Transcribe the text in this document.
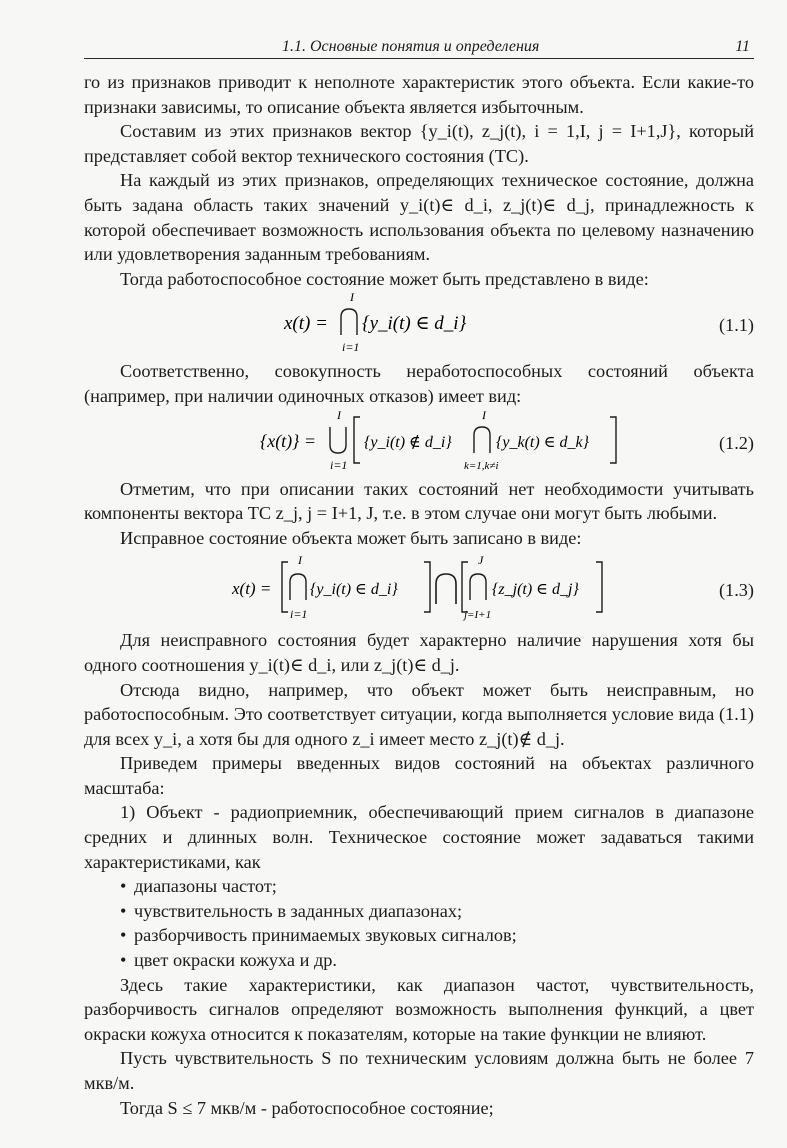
1.1. Основные понятия и определения	11

го из признаков приводит к неполноте характеристик этого объекта. Если какие-то признаки зависимы, то описание объекта является избыточным.

Составим из этих признаков вектор {y_i(t), z_j(t), i = 1,I, j = I+1,J}, который представляет собой вектор технического состояния (ТС).

На каждый из этих признаков, определяющих техническое состояние, должна быть задана область таких значений y_i(t)∈ d_i, z_j(t)∈ d_j, принадлежность к которой обеспечивает возможность использования объекта по целевому назначению или удовлетворения заданным требованиям.

Тогда работоспособное состояние может быть представлено в виде:

x(t) =
I
i=1
{y_i(t) ∈ d_i}	(1.1)

Соответственно, совокупность неработоспособных состояний объекта (например, при наличии одиночных отказов) имеет вид:

{x(t)} =
I
i=1
{y_i(t) ∉ d_i}
I
k=1,k≠i
{y_k(t) ∈ d_k}	(1.2)

Отметим, что при описании таких состояний нет необходимости учитывать компоненты вектора ТС z_j, j = I+1, J, т.е. в этом случае они могут быть любыми.

Исправное состояние объекта может быть записано в виде:

x(t) =
I
i=1
{y_i(t) ∈ d_i}
J
j=I+1
{z_j(t) ∈ d_j}	(1.3)

Для неисправного состояния будет характерно наличие нарушения хотя бы одного соотношения y_i(t)∈ d_i, или z_j(t)∈ d_j.

Отсюда видно, например, что объект может быть неисправным, но работоспособным. Это соответствует ситуации, когда выполняется условие вида (1.1) для всех y_i, а хотя бы для одного z_i имеет место z_j(t)∉ d_j.

Приведем примеры введенных видов состояний на объектах различного масштаба:

1) Объект - радиоприемник, обеспечивающий прием сигналов в диапазоне средних и длинных волн. Техническое состояние может задаваться такими характеристиками, как

• диапазоны частот;
• чувствительность в заданных диапазонах;
• разборчивость принимаемых звуковых сигналов;
• цвет окраски кожуха и др.

Здесь такие характеристики, как диапазон частот, чувствительность, разборчивость сигналов определяют возможность выполнения функций, а цвет окраски кожуха относится к показателям, которые на такие функции не влияют.

Пусть чувствительность S по техническим условиям должна быть не более 7 мкв/м.

Тогда S ≤ 7 мкв/м - работоспособное состояние;
